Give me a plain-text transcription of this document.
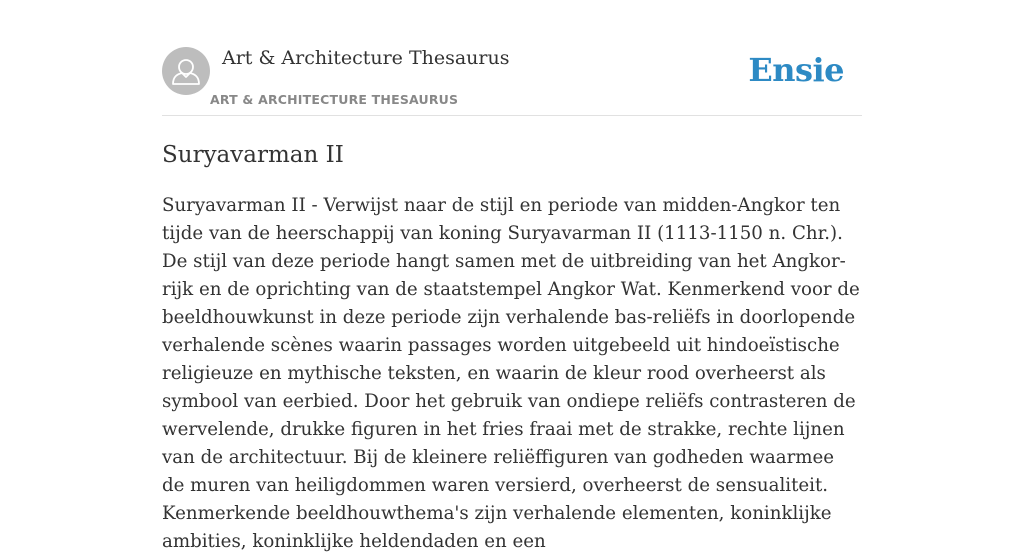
Art & Architecture Thesaurus
ART & ARCHITECTURE THESAURUS
Ensie
Suryavarman II

Suryavarman II - Verwijst naar de stijl en periode van midden-Angkor ten tijde van de heerschappij van koning Suryavarman II (1113-1150 n. Chr.). De stijl van deze periode hangt samen met de uitbreiding van het Angkor-rijk en de oprichting van de staatstempel Angkor Wat. Kenmerkend voor de beeldhouwkunst in deze periode zijn verhalende bas-reliëfs in doorlopende verhalende scènes waarin passages worden uitgebeeld uit hindoeïstische religieuze en mythische teksten, en waarin de kleur rood overheerst als symbool van eerbied. Door het gebruik van ondiepe reliëfs contrasteren de wervelende, drukke figuren in het fries fraai met de strakke, rechte lijnen van de architectuur. Bij de kleinere reliëffiguren van godheden waarmee de muren van heiligdommen waren versierd, overheerst de sensualiteit. Kenmerkende beeldhouwthema's zijn verhalende elementen, koninklijke ambities, koninklijke heldendaden en een
